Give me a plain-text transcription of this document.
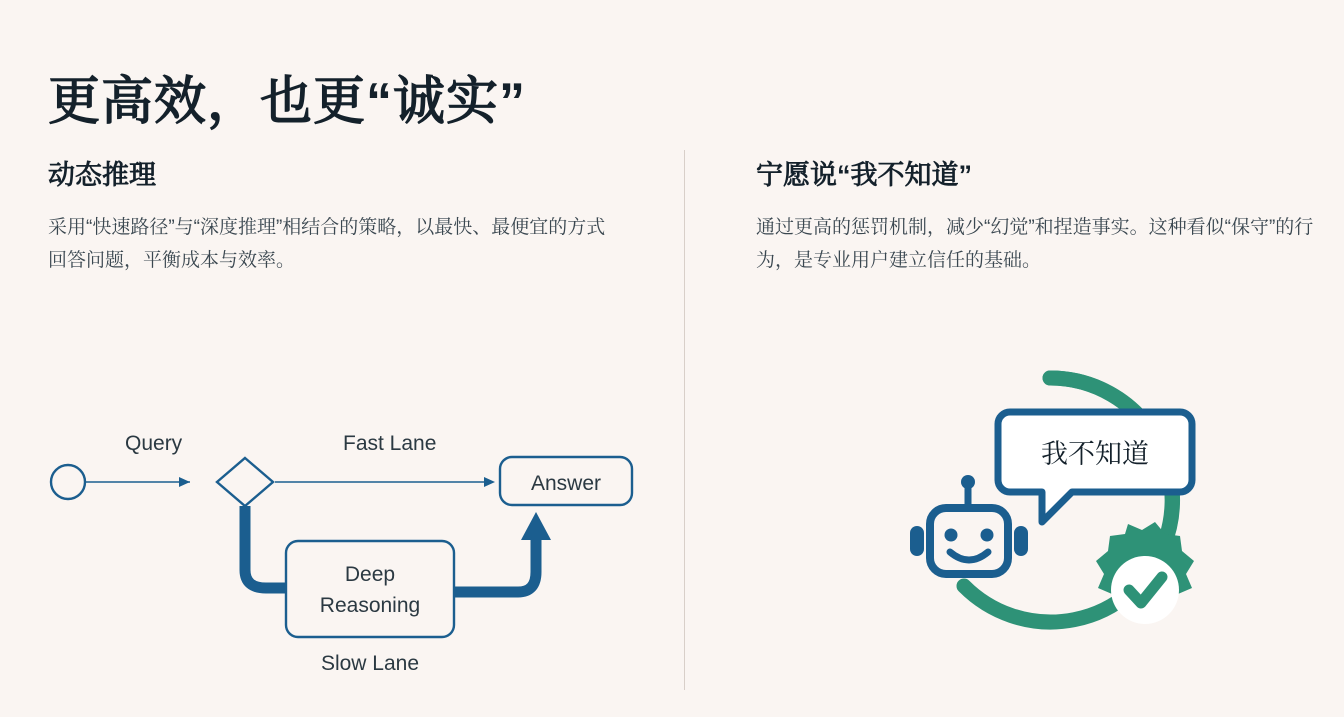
更高效，也更“诚实”
动态推理

采用“快速路径”与“深度推理”相结合的策略，以最快、最便宜的方式回答问题，平衡成本与效率。

Query	Fast Lane
Answer
Deep
Reasoning
Slow Lane
宁愿说“我不知道”

通过更高的惩罚机制，减少“幻觉”和捏造事实。这种看似“保守”的行为，是专业用户建立信任的基础。

我不知道
